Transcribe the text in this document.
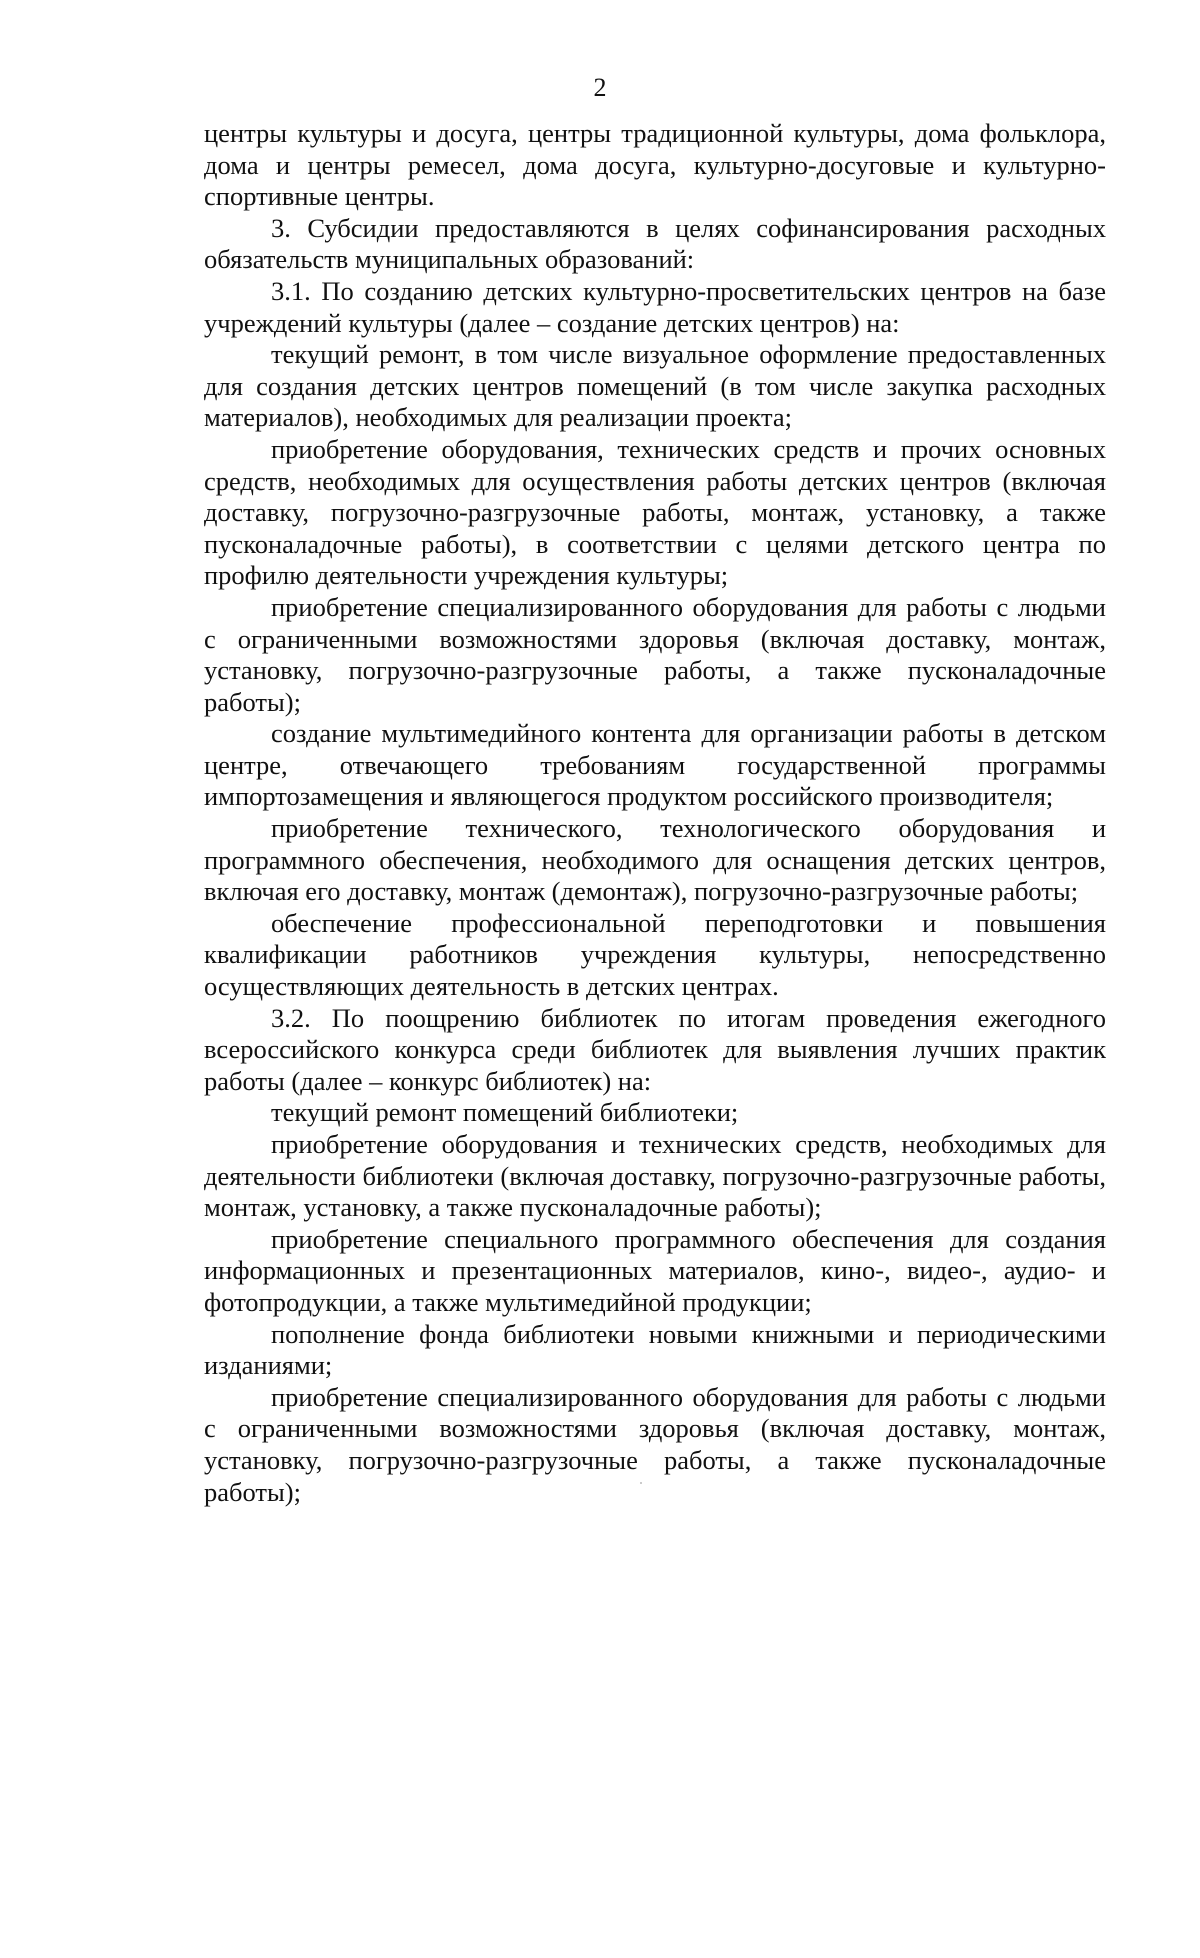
2

центры культуры и досуга, центры традиционной культуры, дома фольклора, дома и центры ремесел, дома досуга, культурно-досуговые и культурно-спортивные центры.

3. Субсидии предоставляются в целях софинансирования расходных обязательств муниципальных образований:

3.1. По созданию детских культурно-просветительских центров на базе учреждений культуры (далее – создание детских центров) на:

текущий ремонт, в том числе визуальное оформление предоставленных для создания детских центров помещений (в том числе закупка расходных материалов), необходимых для реализации проекта;

приобретение оборудования, технических средств и прочих основных средств, необходимых для осуществления работы детских центров (включая доставку, погрузочно-разгрузочные работы, монтаж, установку, а также пусконаладочные работы), в соответствии с целями детского центра по профилю деятельности учреждения культуры;

приобретение специализированного оборудования для работы с людьми с ограниченными возможностями здоровья (включая доставку, монтаж, установку, погрузочно-разгрузочные работы, а также пусконаладочные работы);

создание мультимедийного контента для организации работы в детском центре, отвечающего требованиям государственной программы импортозамещения и являющегося продуктом российского производителя;

приобретение технического, технологического оборудования и программного обеспечения, необходимого для оснащения детских центров, включая его доставку, монтаж (демонтаж), погрузочно-разгрузочные работы;

обеспечение профессиональной переподготовки и повышения квалификации работников учреждения культуры, непосредственно осуществляющих деятельность в детских центрах.

3.2. По поощрению библиотек по итогам проведения ежегодного всероссийского конкурса среди библиотек для выявления лучших практик работы (далее – конкурс библиотек) на:

текущий ремонт помещений библиотеки;

приобретение оборудования и технических средств, необходимых для деятельности библиотеки (включая доставку, погрузочно-разгрузочные работы, монтаж, установку, а также пусконаладочные работы);

приобретение специального программного обеспечения для создания информационных и презентационных материалов, кино-, видео-, аудио- и фотопродукции, а также мультимедийной продукции;

пополнение фонда библиотеки новыми книжными и периодическими изданиями;

приобретение специализированного оборудования для работы с людьми с ограниченными возможностями здоровья (включая доставку, монтаж, установку, погрузочно-разгрузочные работы, а также пусконаладочные работы);
